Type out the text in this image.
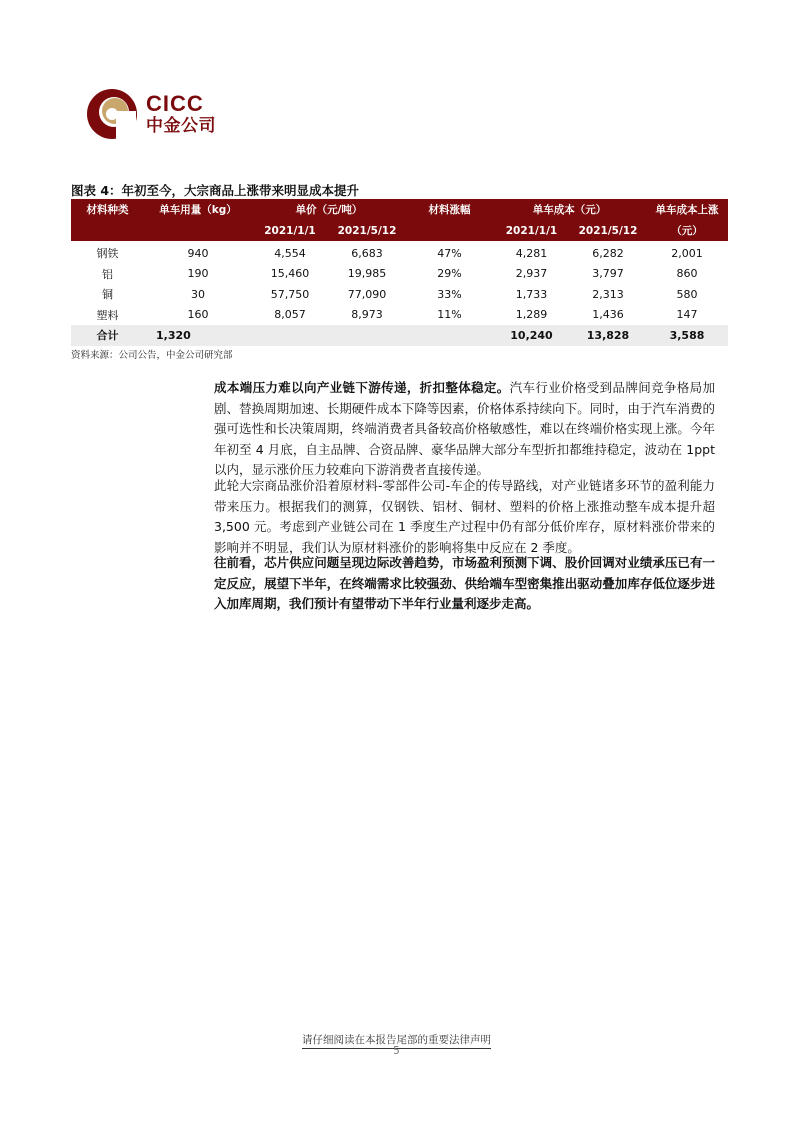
CICC
中金公司
图表 4：年初至今，大宗商品上涨带来明显成本提升
材料种类	单车用量（kg）	单价（元/吨）		材料涨幅	单车成本（元）		单车成本上涨
		2021/1/1	2021/5/12		2021/1/1	2021/5/12	（元）
钢铁	940	4,554	6,683	47%	4,281	6,282	2,001
铝	190	15,460	19,985	29%	2,937	3,797	860
铜	30	57,750	77,090	33%	1,733	2,313	580
塑料	160	8,057	8,973	11%	1,289	1,436	147
合计	1,320				10,240	13,828	3,588
资料来源：公司公告，中金公司研究部
成本端压力难以向产业链下游传递，折扣整体稳定。汽车行业价格受到品牌间竞争格局加剧、替换周期加速、长期硬件成本下降等因素，价格体系持续向下。同时，由于汽车消费的强可选性和长决策周期，终端消费者具备较高价格敏感性，难以在终端价格实现上涨。今年年初至 4 月底，自主品牌、合资品牌、豪华品牌大部分车型折扣都维持稳定，波动在 1ppt 以内，显示涨价压力较难向下游消费者直接传递。
此轮大宗商品涨价沿着原材料-零部件公司-车企的传导路线，对产业链诸多环节的盈利能力带来压力。根据我们的测算，仅钢铁、铝材、铜材、塑料的价格上涨推动整车成本提升超 3,500 元。考虑到产业链公司在 1 季度生产过程中仍有部分低价库存，原材料涨价带来的影响并不明显，我们认为原材料涨价的影响将集中反应在 2 季度。
往前看，芯片供应问题呈现边际改善趋势，市场盈利预测下调、股价回调对业绩承压已有一定反应，展望下半年，在终端需求比较强劲、供给端车型密集推出驱动叠加库存低位逐步进入加库周期，我们预计有望带动下半年行业量利逐步走高。
请仔细阅读在本报告尾部的重要法律声明
5
